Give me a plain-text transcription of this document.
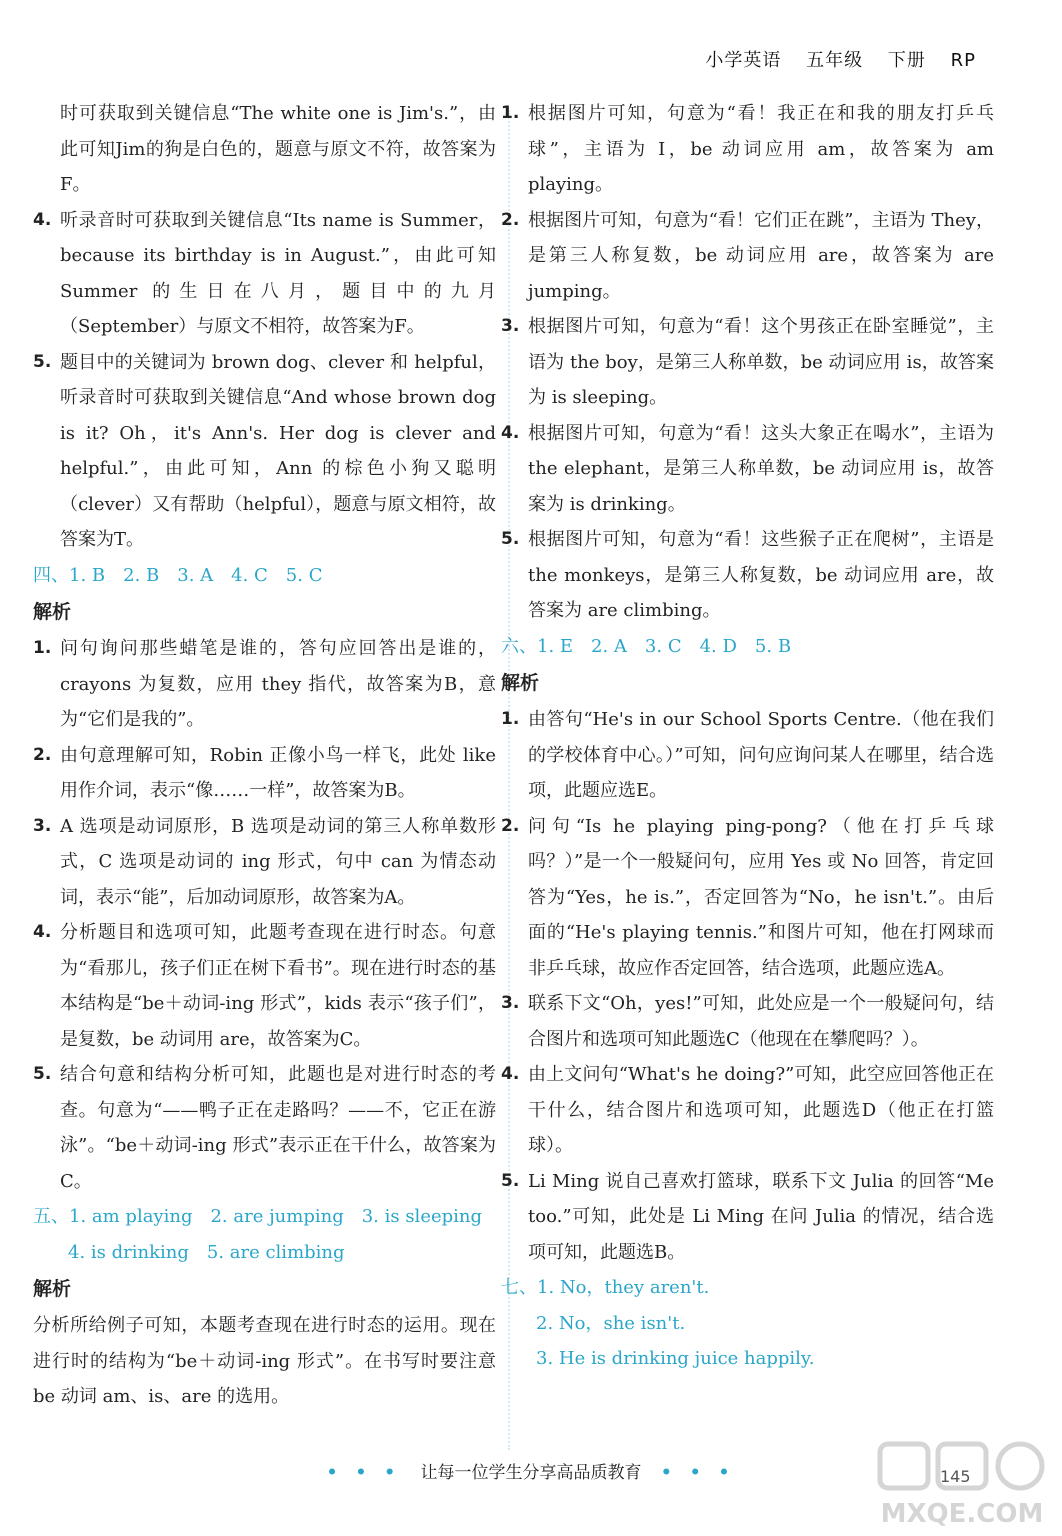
小学英语 五年级 下册 RP

时可获取到关键信息“The white one is Jim's.”，由此可知Jim的狗是白色的，题意与原文不符，故答案为F。

4. 听录音时可获取到关键信息“Its name is Summer，because its birthday is in August.”，由此可知 Summer 的生日在八月，题目中的九月（September）与原文不相符，故答案为F。

5. 题目中的关键词为 brown dog、clever 和 helpful，听录音时可获取到关键信息“And whose brown dog is it? Oh，it's Ann's. Her dog is clever and helpful.”，由此可知，Ann 的棕色小狗又聪明（clever）又有帮助（helpful），题意与原文相符，故答案为T。

四、1. B　2. B　3. A　4. C　5. C

解析

1. 问句询问那些蜡笔是谁的，答句应回答出是谁的，crayons 为复数，应用 they 指代，故答案为B，意为“它们是我的”。

2. 由句意理解可知，Robin 正像小鸟一样飞，此处 like 用作介词，表示“像……一样”，故答案为B。

3. A 选项是动词原形，B 选项是动词的第三人称单数形式，C 选项是动词的 ing 形式，句中 can 为情态动词，表示“能”，后加动词原形，故答案为A。

4. 分析题目和选项可知，此题考查现在进行时态。句意为“看那儿，孩子们正在树下看书”。现在进行时态的基本结构是“be＋动词-ing 形式”，kids 表示“孩子们”，是复数，be 动词用 are，故答案为C。

5. 结合句意和结构分析可知，此题也是对进行时态的考查。句意为“——鸭子正在走路吗？——不，它正在游泳”。“be＋动词-ing 形式”表示正在干什么，故答案为C。

五、1. am playing　2. are jumping　3. is sleeping

4. is drinking　5. are climbing

解析

分析所给例子可知，本题考查现在进行时态的运用。现在进行时的结构为“be＋动词-ing 形式”。在书写时要注意 be 动词 am、is、are 的选用。

1. 根据图片可知，句意为“看！我正在和我的朋友打乒乓球”，主语为 I，be 动词应用 am，故答案为 am playing。

2. 根据图片可知，句意为“看！它们正在跳”，主语为 They，是第三人称复数，be 动词应用 are，故答案为 are jumping。

3. 根据图片可知，句意为“看！这个男孩正在卧室睡觉”，主语为 the boy，是第三人称单数，be 动词应用 is，故答案为 is sleeping。

4. 根据图片可知，句意为“看！这头大象正在喝水”，主语为 the elephant，是第三人称单数，be 动词应用 is，故答案为 is drinking。

5. 根据图片可知，句意为“看！这些猴子正在爬树”，主语是 the monkeys，是第三人称复数，be 动词应用 are，故答案为 are climbing。

六、1. E　2. A　3. C　4. D　5. B

解析

1. 由答句“He's in our School Sports Centre.（他在我们的学校体育中心。）”可知，问句应询问某人在哪里，结合选项，此题应选E。

2. 问句“Is he playing ping-pong?（他在打乒乓球吗？）”是一个一般疑问句，应用 Yes 或 No 回答，肯定回答为“Yes，he is.”，否定回答为“No，he isn't.”。由后面的“He's playing tennis.”和图片可知，他在打网球而非乒乓球，故应作否定回答，结合选项，此题应选A。

3. 联系下文“Oh，yes!”可知，此处应是一个一般疑问句，结合图片和选项可知此题选C（他现在在攀爬吗？）。

4. 由上文问句“What's he doing?”可知，此空应回答他正在干什么，结合图片和选项可知，此题选D（他正在打篮球）。

5. Li Ming 说自己喜欢打篮球，联系下文 Julia 的回答“Me too.”可知，此处是 Li Ming 在问 Julia 的情况，结合选项可知，此题选B。

七、1. No，they aren't.

2. No，she isn't.

3. He is drinking juice happily.

• • • 让每一位学生分享高品质教育 • • •	145
MXQE.COM
